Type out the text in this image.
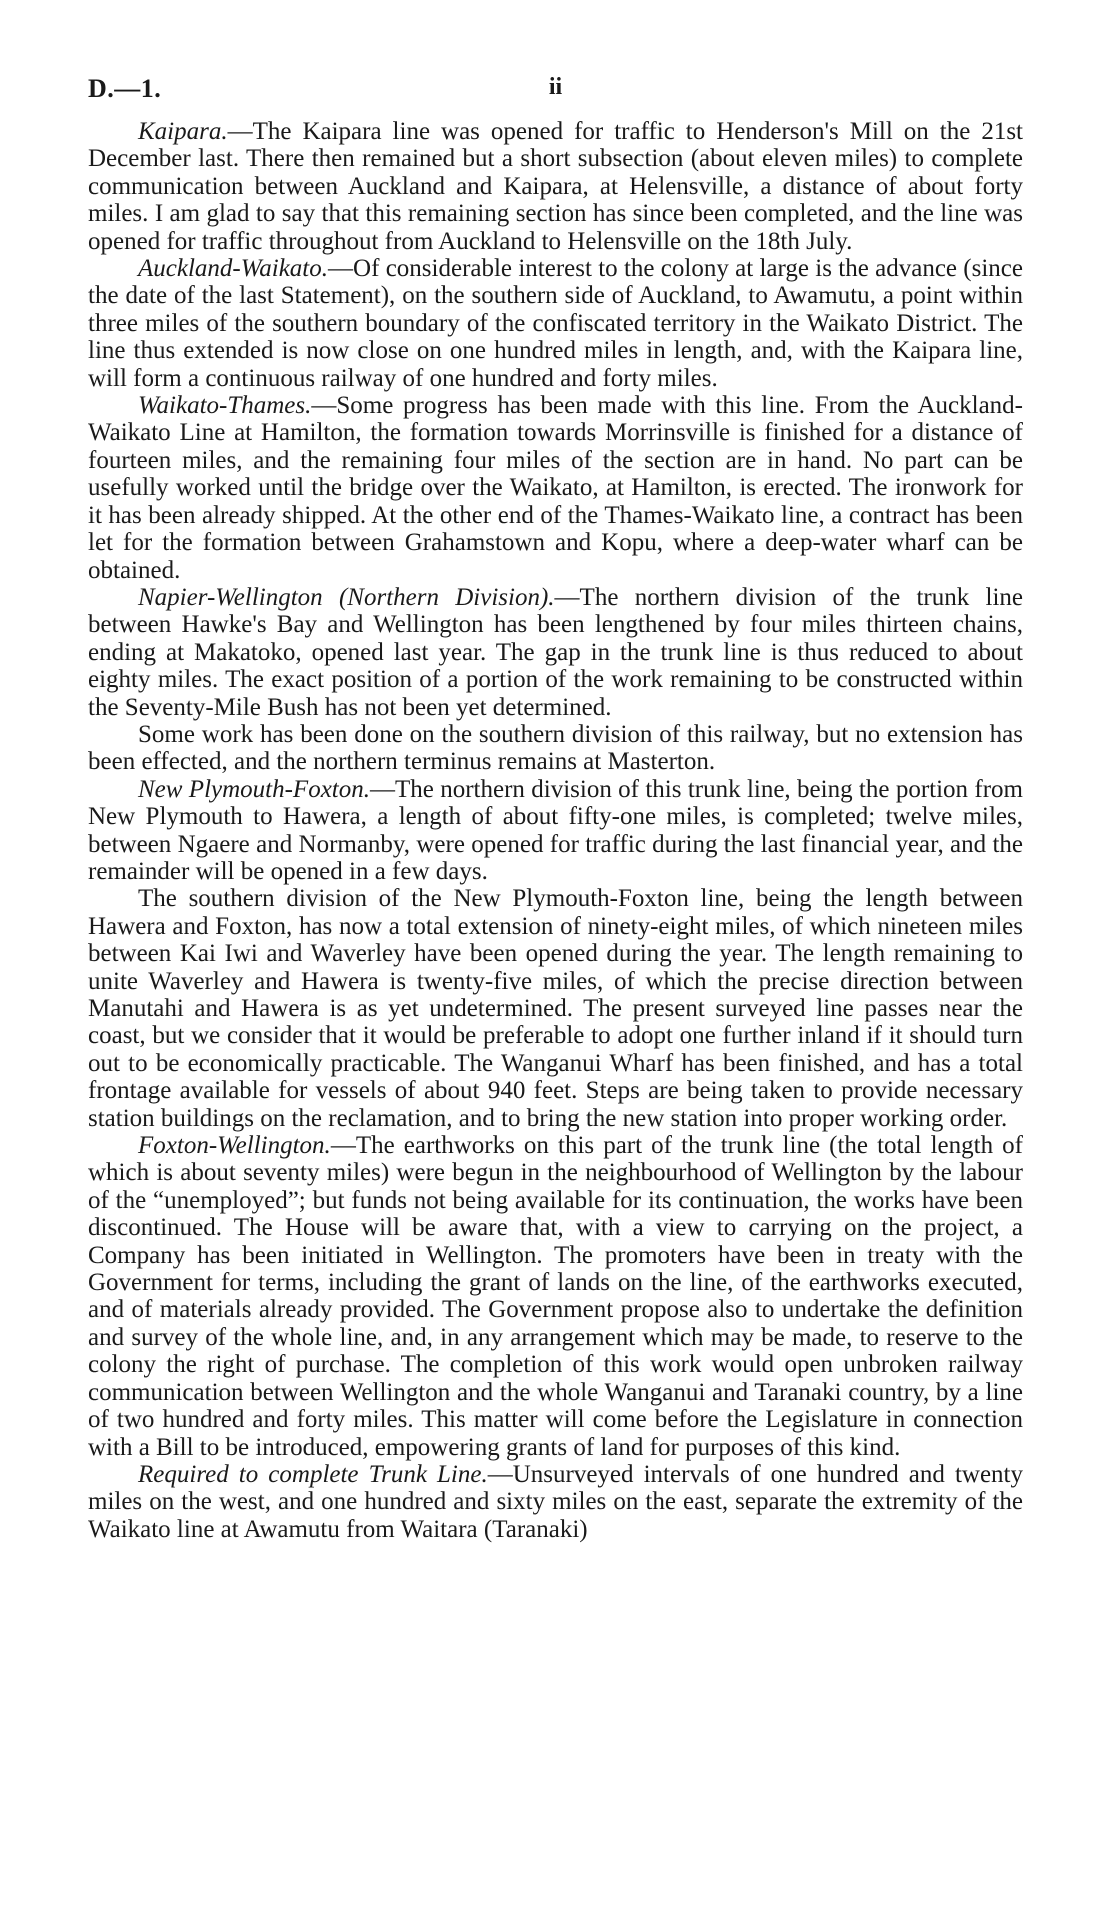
D.—1.	ii

Kaipara.—The Kaipara line was opened for traffic to Henderson's Mill on the 21st December last. There then remained but a short subsection (about eleven miles) to complete communication between Auckland and Kaipara, at Helensville, a distance of about forty miles. I am glad to say that this remaining section has since been completed, and the line was opened for traffic throughout from Auckland to Helensville on the 18th July.

Auckland-Waikato.—Of considerable interest to the colony at large is the advance (since the date of the last Statement), on the southern side of Auckland, to Awamutu, a point within three miles of the southern boundary of the confiscated territory in the Waikato District. The line thus extended is now close on one hundred miles in length, and, with the Kaipara line, will form a continuous railway of one hundred and forty miles.

Waikato-Thames.—Some progress has been made with this line. From the Auckland-Waikato Line at Hamilton, the formation towards Morrinsville is finished for a distance of fourteen miles, and the remaining four miles of the section are in hand. No part can be usefully worked until the bridge over the Waikato, at Hamilton, is erected. The ironwork for it has been already shipped. At the other end of the Thames-Waikato line, a contract has been let for the formation between Grahamstown and Kopu, where a deep-water wharf can be obtained.

Napier-Wellington (Northern Division).—The northern division of the trunk line between Hawke's Bay and Wellington has been lengthened by four miles thirteen chains, ending at Makatoko, opened last year. The gap in the trunk line is thus reduced to about eighty miles. The exact position of a portion of the work remaining to be constructed within the Seventy-Mile Bush has not been yet determined.

Some work has been done on the southern division of this railway, but no extension has been effected, and the northern terminus remains at Masterton.

New Plymouth-Foxton.—The northern division of this trunk line, being the portion from New Plymouth to Hawera, a length of about fifty-one miles, is completed; twelve miles, between Ngaere and Normanby, were opened for traffic during the last financial year, and the remainder will be opened in a few days.

The southern division of the New Plymouth-Foxton line, being the length between Hawera and Foxton, has now a total extension of ninety-eight miles, of which nineteen miles between Kai Iwi and Waverley have been opened during the year. The length remaining to unite Waverley and Hawera is twenty-five miles, of which the precise direction between Manutahi and Hawera is as yet undetermined. The present surveyed line passes near the coast, but we consider that it would be preferable to adopt one further inland if it should turn out to be economically practicable. The Wanganui Wharf has been finished, and has a total frontage available for vessels of about 940 feet. Steps are being taken to provide necessary station buildings on the reclamation, and to bring the new station into proper working order.

Foxton-Wellington.—The earthworks on this part of the trunk line (the total length of which is about seventy miles) were begun in the neighbourhood of Wellington by the labour of the “unemployed”; but funds not being available for its continuation, the works have been discontinued. The House will be aware that, with a view to carrying on the project, a Company has been initiated in Wellington. The promoters have been in treaty with the Government for terms, including the grant of lands on the line, of the earthworks executed, and of materials already provided. The Government propose also to undertake the definition and survey of the whole line, and, in any arrangement which may be made, to reserve to the colony the right of purchase. The completion of this work would open unbroken railway communication between Wellington and the whole Wanganui and Taranaki country, by a line of two hundred and forty miles. This matter will come before the Legislature in connection with a Bill to be introduced, empowering grants of land for purposes of this kind.

Required to complete Trunk Line.—Unsurveyed intervals of one hundred and twenty miles on the west, and one hundred and sixty miles on the east, separate the extremity of the Waikato line at Awamutu from Waitara (Taranaki)
